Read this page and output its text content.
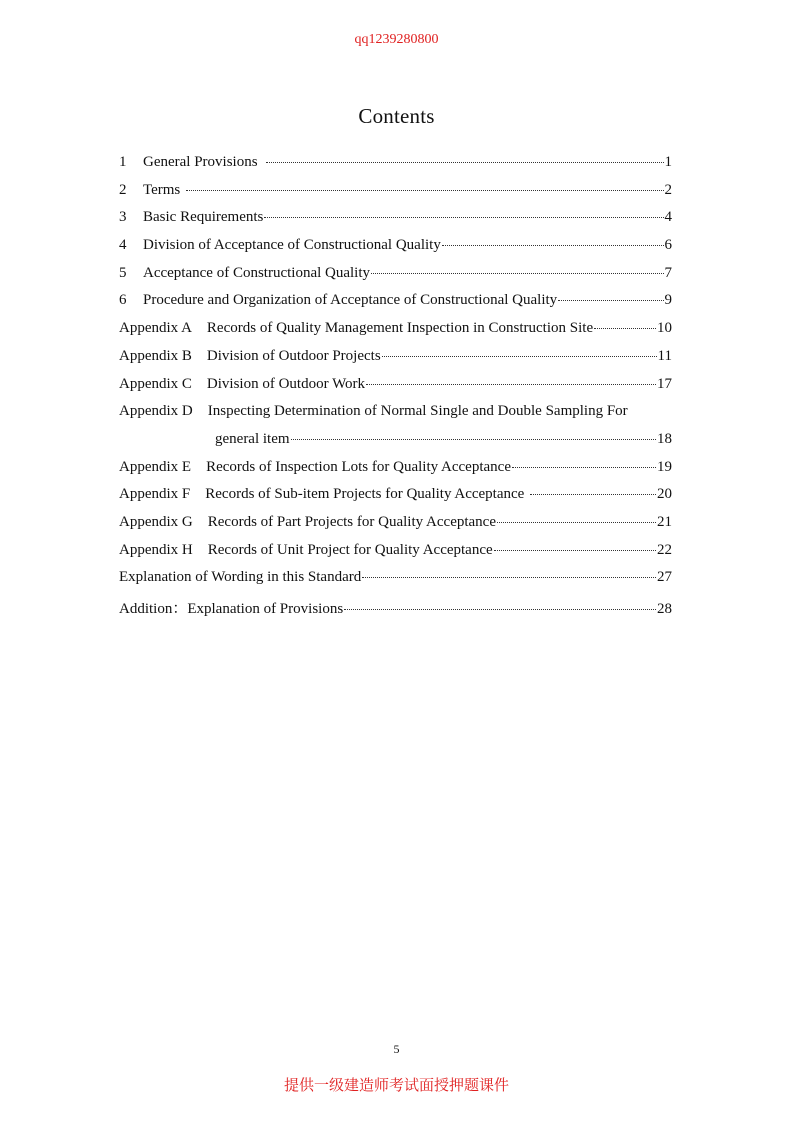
qq1239280800
Contents
1	General Provisions	1
2	Terms	2
3	Basic Requirements	4
4	Division of Acceptance of Constructional Quality	6
5	Acceptance of Constructional Quality	7
6	Procedure and Organization of Acceptance of Constructional Quality	9
Appendix A Records of Quality Management Inspection in Construction Site	10
Appendix B Division of Outdoor Projects	11
Appendix C Division of Outdoor Work	17
Appendix D Inspecting Determination of Normal Single and Double Sampling For
general item	18
Appendix E Records of Inspection Lots for Quality Acceptance	19
Appendix F Records of Sub-item Projects for Quality Acceptance	20
Appendix G Records of Part Projects for Quality Acceptance	21
Appendix H Records of Unit Project for Quality Acceptance	22
Explanation of Wording in this Standard	27
Addition：Explanation of Provisions	28
5
提供一级建造师考试面授押题课件
